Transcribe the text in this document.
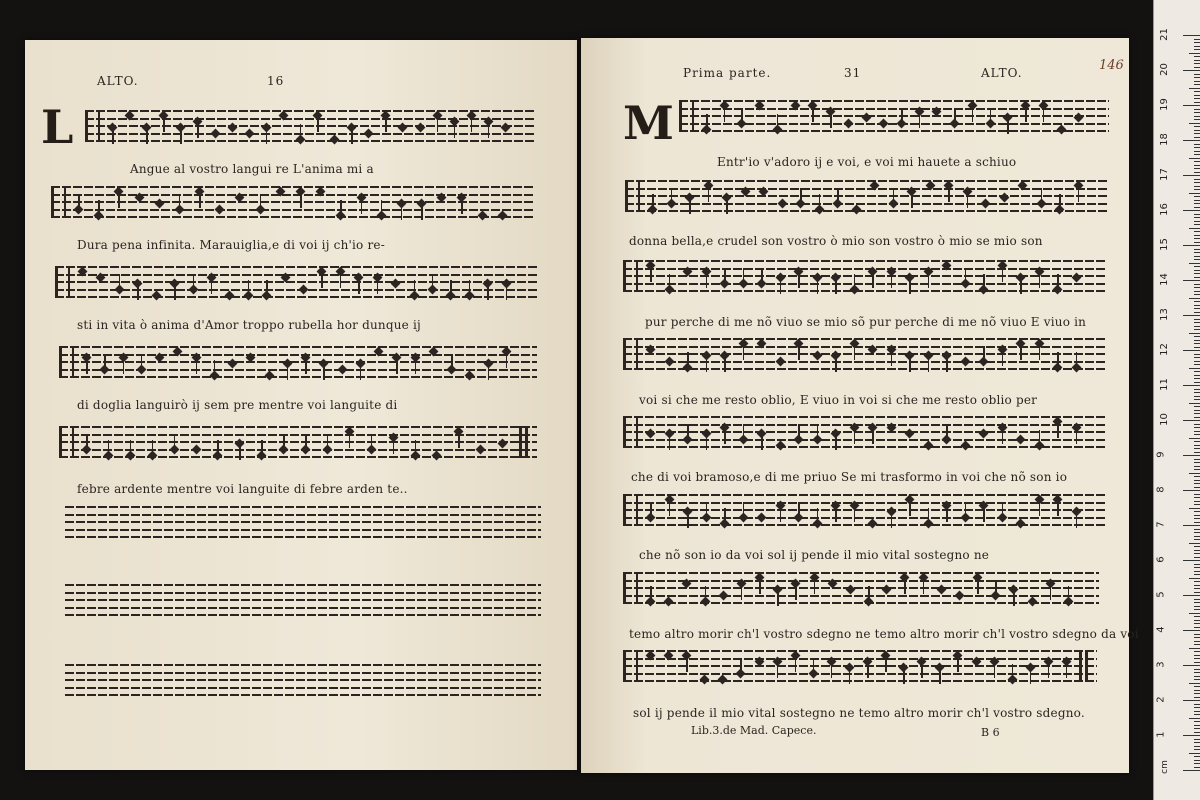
ALTO.	16
L
Angue al vostro langui re L'anima mi a
Dura pena infinita. Marauiglia,e di voi ij ch'io re-
sti in vita ò anima d'Amor troppo rubella hor dunque ij
di doglia languirò ij sem pre mentre voi languite di
febre ardente mentre voi languite di febre arden te..
Prima parte.	31	ALTO.	146
M
Entr'io v'adoro ij e voi, e voi mi hauete a schiuo
donna bella,e crudel son vostro ò mio son vostro ò mio se mio son
pur perche di me nõ viuo se mio sõ pur perche di me nõ viuo E viuo in
voi si che me resto oblio, E viuo in voi si che me resto oblio per
che di voi bramoso,e di me priuo Se mi trasformo in voi che nõ son io
che nõ son io da voi sol ij pende il mio vital sostegno ne
temo altro morir ch'l vostro sdegno ne temo altro morir ch'l vostro sdegno da voi
sol ij pende il mio vital sostegno ne temo altro morir ch'l vostro sdegno.
Lib.3.de Mad. Capece.	B 6
cm
1
2
3
4
5
6
7
8
9
10
11
12
13
14
15
16
17
18
19
20
21
